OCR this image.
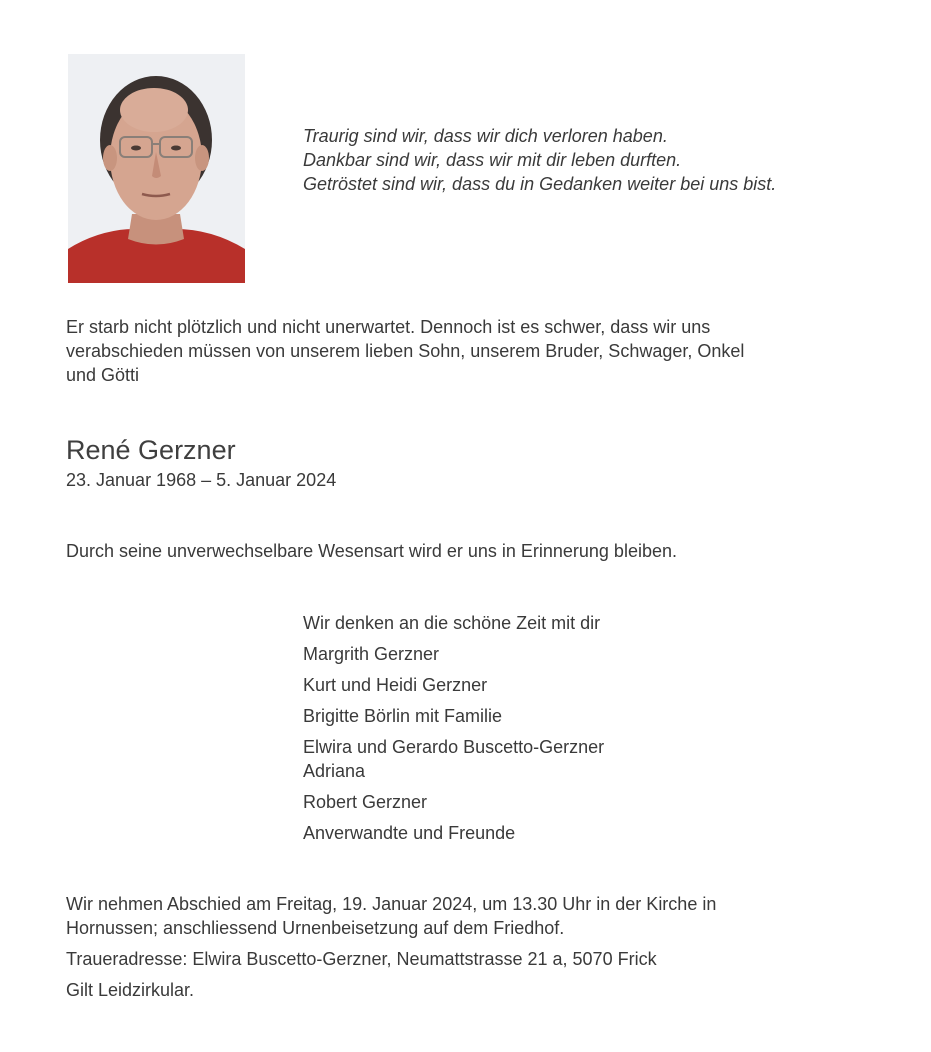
Traurig sind wir, dass wir dich verloren haben.
Dankbar sind wir, dass wir mit dir leben durften.
Getröstet sind wir, dass du in Gedanken weiter bei uns bist.
Er starb nicht plötzlich und nicht unerwartet. Dennoch ist es schwer, dass wir uns
verabschieden müssen von unserem lieben Sohn, unserem Bruder, Schwager, Onkel
und Götti
René Gerzner
23. Januar 1968 – 5. Januar 2024
Durch seine unverwechselbare Wesensart wird er uns in Erinnerung bleiben.
Wir denken an die schöne Zeit mit dir
Margrith Gerzner
Kurt und Heidi Gerzner
Brigitte Börlin mit Familie
Elwira und Gerardo Buscetto-Gerzner
Adriana
Robert Gerzner
Anverwandte und Freunde

Wir nehmen Abschied am Freitag, 19. Januar 2024, um 13.30 Uhr in der Kirche in
Hornussen; anschliessend Urnenbeisetzung auf dem Friedhof.

Traueradresse: Elwira Buscetto-Gerzner, Neumattstrasse 21 a, 5070 Frick

Gilt Leidzirkular.
